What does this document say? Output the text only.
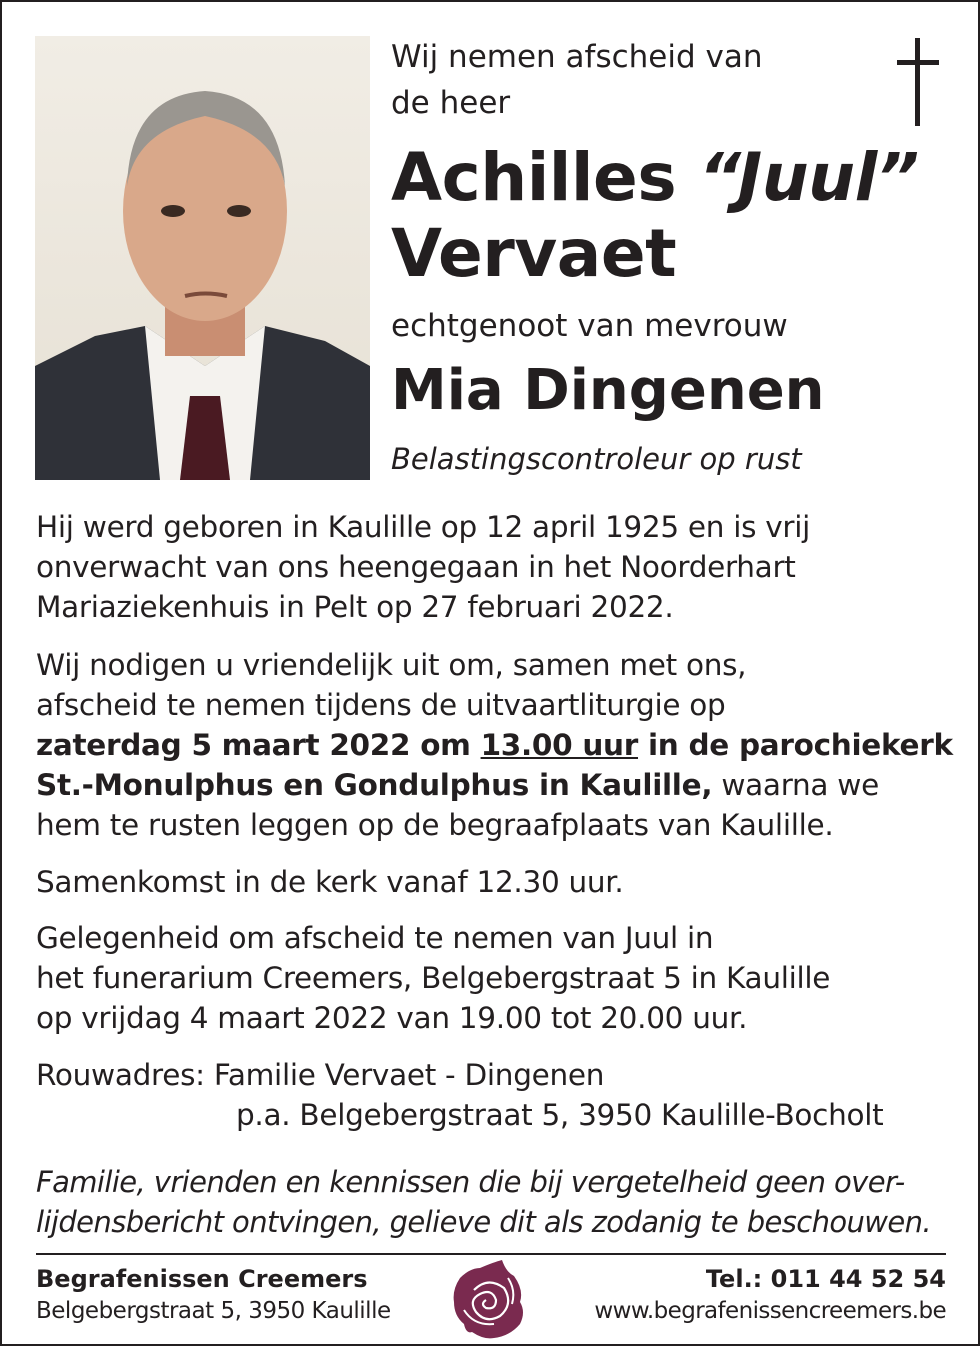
Wij nemen afscheid van
de heer
Achilles “Juul”
Vervaet
echtgenoot van mevrouw
Mia Dingenen
Belastingscontroleur op rust
Hij werd geboren in Kaulille op 12 april 1925 en is vrij
onverwacht van ons heengegaan in het Noorderhart
Mariaziekenhuis in Pelt op 27 februari 2022.
Wij nodigen u vriendelijk uit om, samen met ons,
afscheid te nemen tijdens de uitvaartliturgie op
zaterdag 5 maart 2022 om 13.00 uur in de parochiekerk
St.-Monulphus en Gondulphus in Kaulille, waarna we
hem te rusten leggen op de begraafplaats van Kaulille.
Samenkomst in de kerk vanaf 12.30 uur.
Gelegenheid om afscheid te nemen van Juul in
het funerarium Creemers, Belgebergstraat 5 in Kaulille
op vrijdag 4 maart 2022 van 19.00 tot 20.00 uur.
Rouwadres: Familie Vervaet - Dingenen
p.a. Belgebergstraat 5, 3950 Kaulille-Bocholt
Familie, vrienden en kennissen die bij vergetelheid geen over-
lijdensbericht ontvingen, gelieve dit als zodanig te beschouwen.
Begrafenissen Creemers
Belgebergstraat 5, 3950 Kaulille
Tel.: 011 44 52 54
www.begrafenissencreemers.be
